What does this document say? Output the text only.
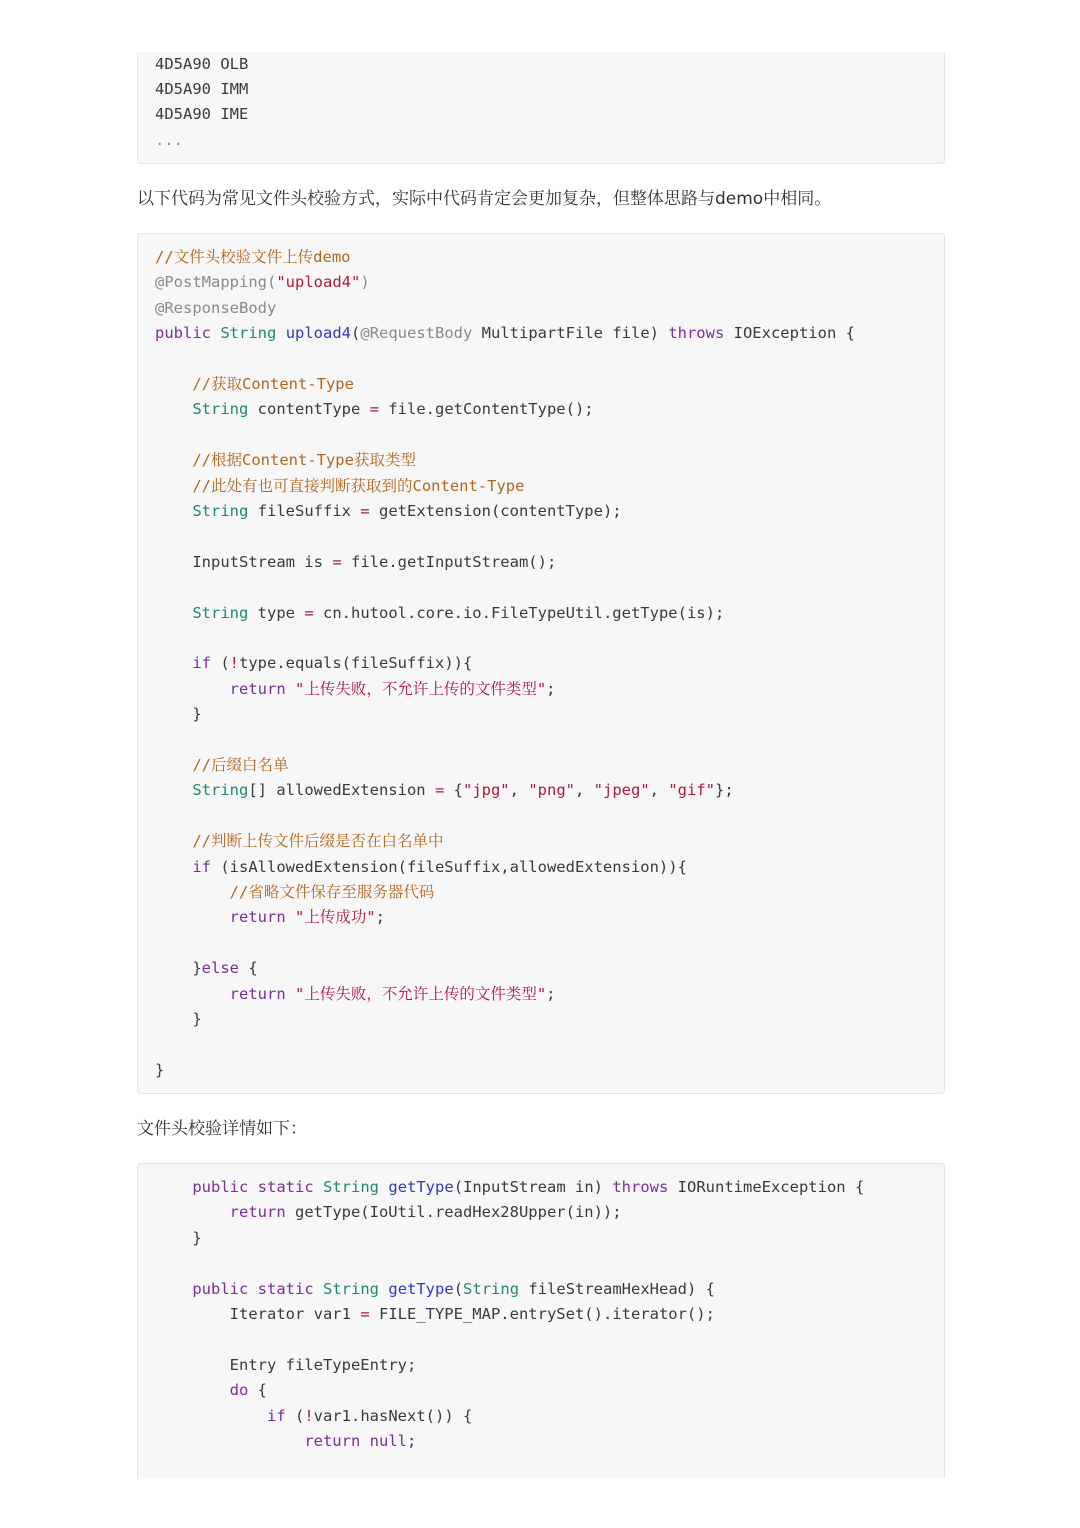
4D5A90 OLB
4D5A90 IMM
4D5A90 IME
...
以下代码为常见文件头校验方式，实际中代码肯定会更加复杂，但整体思路与demo中相同。
//文件头校验文件上传demo
@PostMapping("upload4")
@ResponseBody
public String upload4(@RequestBody MultipartFile file) throws IOException {
//获取Content-Type
String contentType = file.getContentType();
//根据Content-Type获取类型
//此处有也可直接判断获取到的Content-Type
String fileSuffix = getExtension(contentType);
InputStream is = file.getInputStream();
String type = cn.hutool.core.io.FileTypeUtil.getType(is);
if (!type.equals(fileSuffix)){
return "上传失败，不允许上传的文件类型";
}
//后缀白名单
String[] allowedExtension = {"jpg", "png", "jpeg", "gif"};
//判断上传文件后缀是否在白名单中
if (isAllowedExtension(fileSuffix,allowedExtension)){
//省略文件保存至服务器代码
return "上传成功";
}else {
return "上传失败，不允许上传的文件类型";
}
}
文件头校验详情如下：
public static String getType(InputStream in) throws IORuntimeException {
return getType(IoUtil.readHex28Upper(in));
}
public static String getType(String fileStreamHexHead) {
Iterator var1 = FILE_TYPE_MAP.entrySet().iterator();
Entry fileTypeEntry;
do {
if (!var1.hasNext()) {
return null;
